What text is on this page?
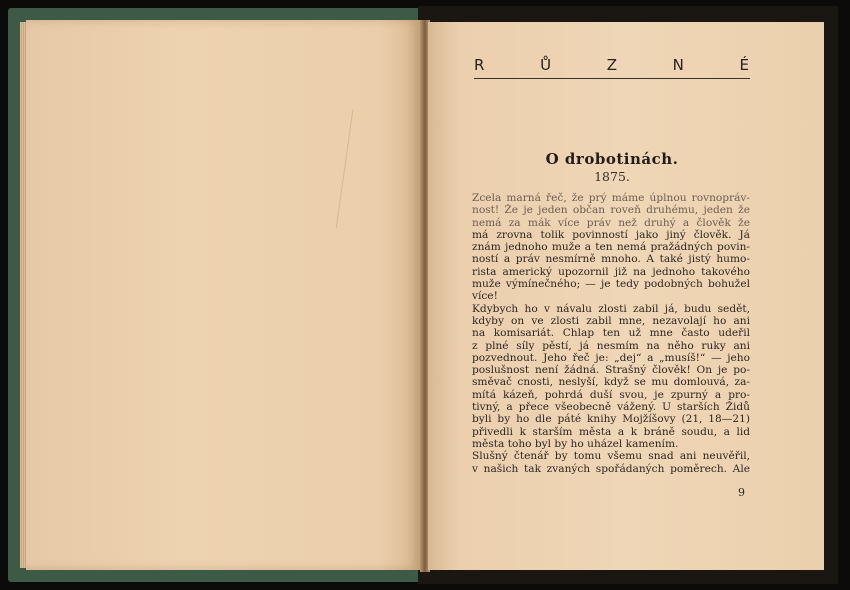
R	Ů	Z	N	É
O drobotinách.
1875.
Zcela marná řeč, že prý máme úplnou rovnopráv-
nost! Že je jeden občan roveň druhému, jeden že
nemá za mák více práv než druhý a člověk že
má zrovna tolik povinností jako jiný člověk. Já
znám jednoho muže a ten nemá pražádných povin-
ností a práv nesmírně mnoho. A také jistý humo-
rista americký upozornil již na jednoho takového
muže výmínečného; — je tedy podobných bohužel
více!
Kdybych ho v návalu zlosti zabil já, budu sedět,
kdyby on ve zlosti zabil mne, nezavolají ho ani
na komisariát. Chlap ten už mne často udeřil
z plné síly pěstí, já nesmím na něho ruky ani
pozvednout. Jeho řeč je: „dej“ a „musíš!“ — jeho
poslušnost není žádná. Strašný člověk! On je po-
směvač cnosti, neslyší, když se mu domlouvá, za-
mítá kázeň, pohrdá duší svou, je zpurný a pro-
tivný, a přece všeobecně vážený. U starších Židů
byli by ho dle páté knihy Mojžíšovy (21, 18—21)
přivedli k starším města a k bráně soudu, a lid
města toho byl by ho uházel kamením.
Slušný čtenář by tomu všemu snad ani neuvěřil,
v našich tak zvaných spořádaných poměrech. Ale
9
